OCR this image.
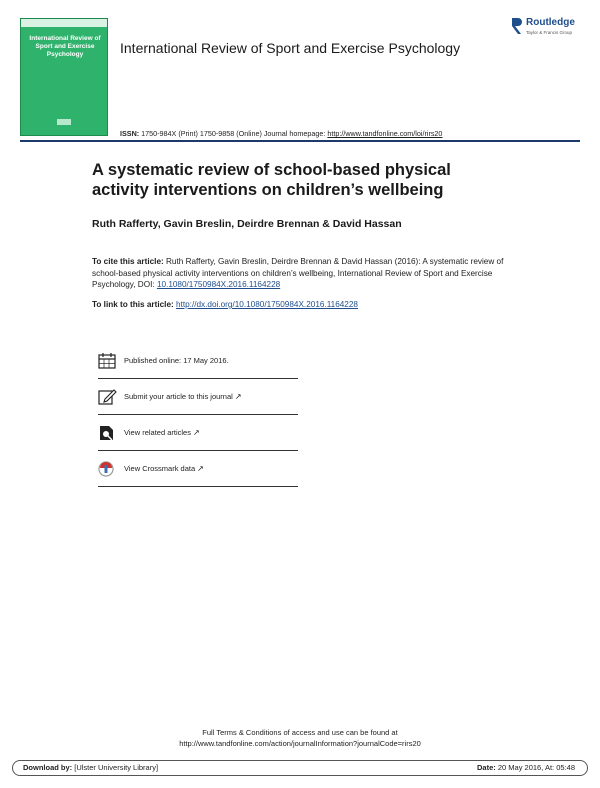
International Review of Sport and Exercise Psychology	International Review of Sport and Exercise Psychology
Routledge
Taylor & Francis Group
ISSN: 1750-984X (Print) 1750-9858 (Online) Journal homepage: http://www.tandfonline.com/loi/rirs20
A systematic review of school-based physical activity interventions on children’s wellbeing
Ruth Rafferty, Gavin Breslin, Deirdre Brennan & David Hassan
To cite this article: Ruth Rafferty, Gavin Breslin, Deirdre Brennan & David Hassan (2016): A systematic review of school-based physical activity interventions on children’s wellbeing, International Review of Sport and Exercise Psychology, DOI: 10.1080/1750984X.2016.1164228
To link to this article: http://dx.doi.org/10.1080/1750984X.2016.1164228
Published online: 17 May 2016.
Submit your article to this journal ↗
View related articles ↗
View Crossmark data ↗
Full Terms & Conditions of access and use can be found at
http://www.tandfonline.com/action/journalInformation?journalCode=rirs20
Download by: [Ulster University Library]	Date: 20 May 2016, At: 05:48
